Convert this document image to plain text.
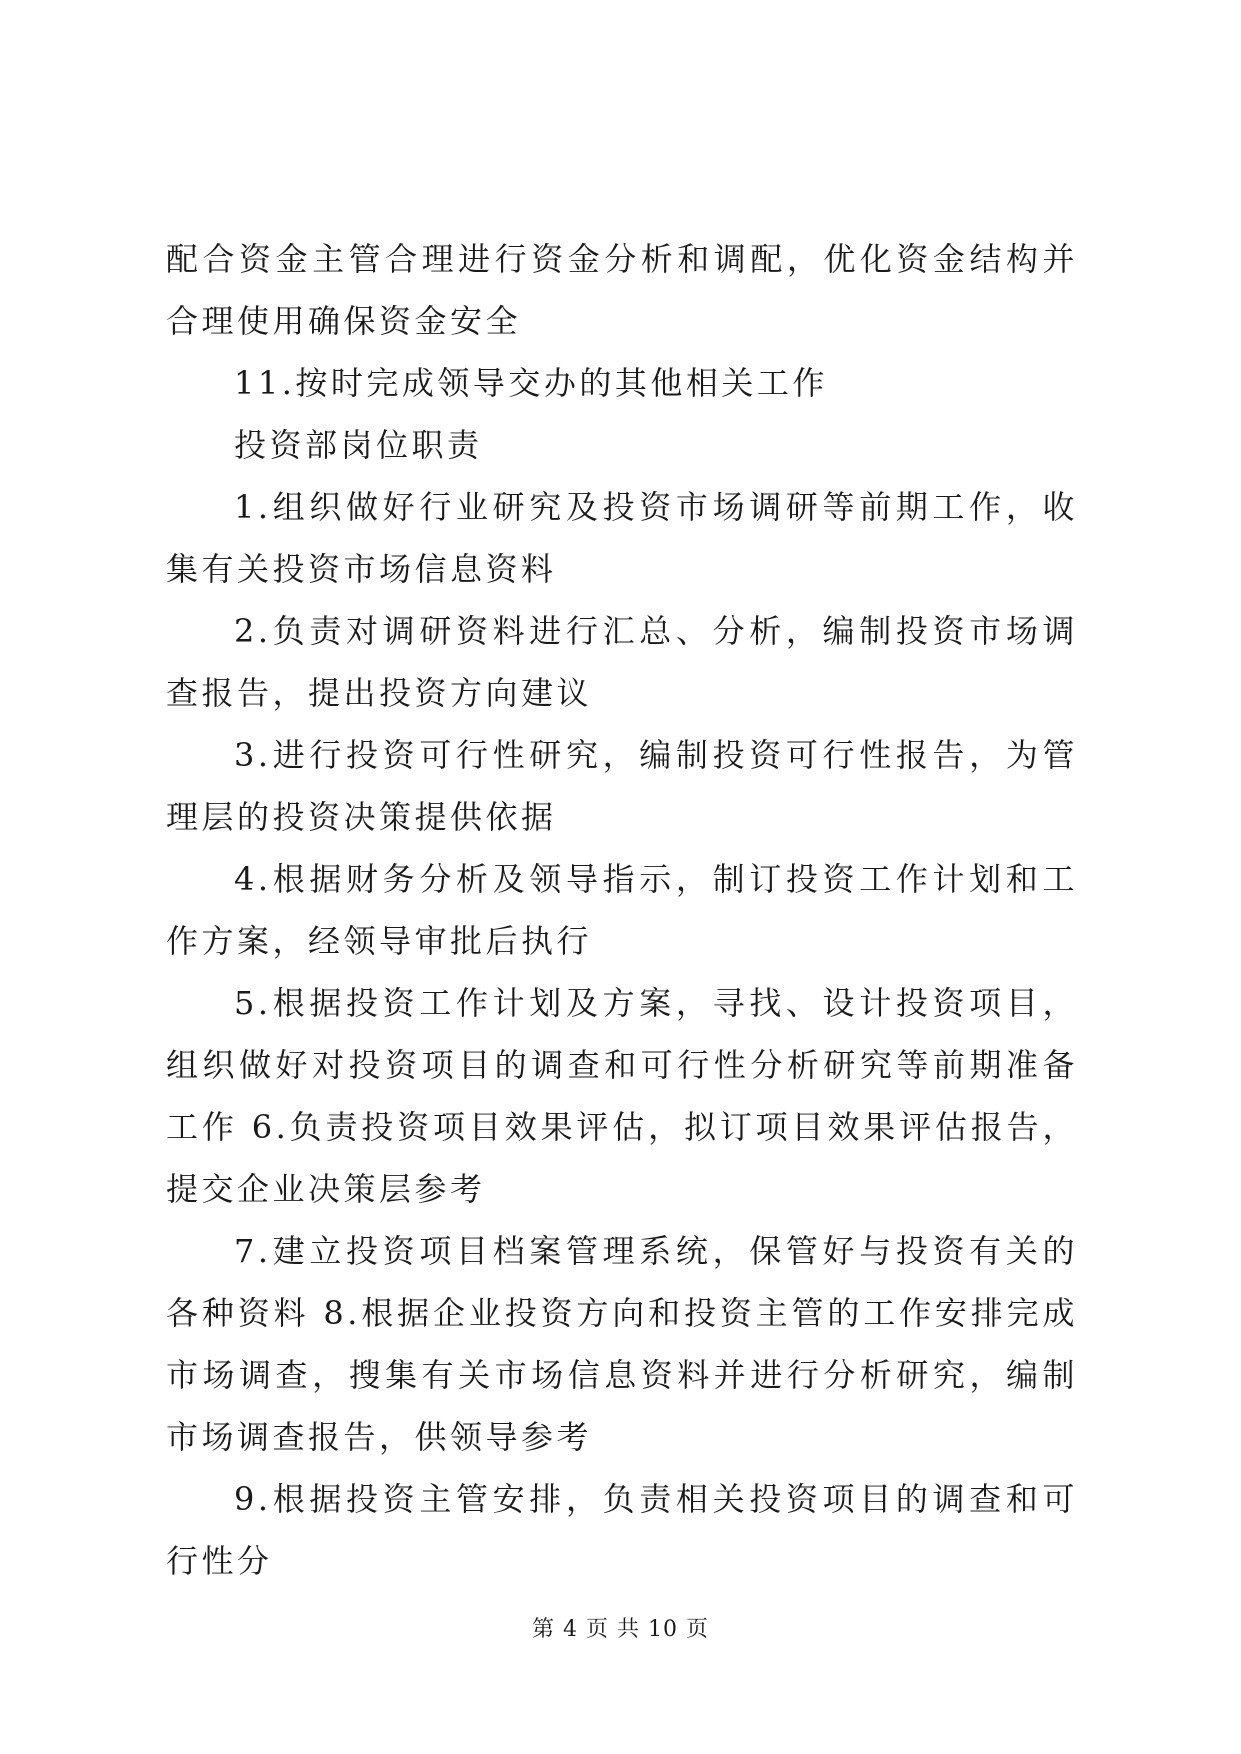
配合资金主管合理进行资金分析和调配，优化资金结构并合理使用确保资金安全

11.按时完成领导交办的其他相关工作

投资部岗位职责

1.组织做好行业研究及投资市场调研等前期工作，收集有关投资市场信息资料

2.负责对调研资料进行汇总、分析，编制投资市场调查报告，提出投资方向建议

3.进行投资可行性研究，编制投资可行性报告，为管理层的投资决策提供依据

4.根据财务分析及领导指示，制订投资工作计划和工作方案，经领导审批后执行

5.根据投资工作计划及方案，寻找、设计投资项目，组织做好对投资项目的调查和可行性分析研究等前期准备工作 6.负责投资项目效果评估，拟订项目效果评估报告，提交企业决策层参考

7.建立投资项目档案管理系统，保管好与投资有关的各种资料 8.根据企业投资方向和投资主管的工作安排完成市场调查，搜集有关市场信息资料并进行分析研究，编制市场调查报告，供领导参考

9.根据投资主管安排，负责相关投资项目的调查和可行性分

第 4 页 共 10 页
